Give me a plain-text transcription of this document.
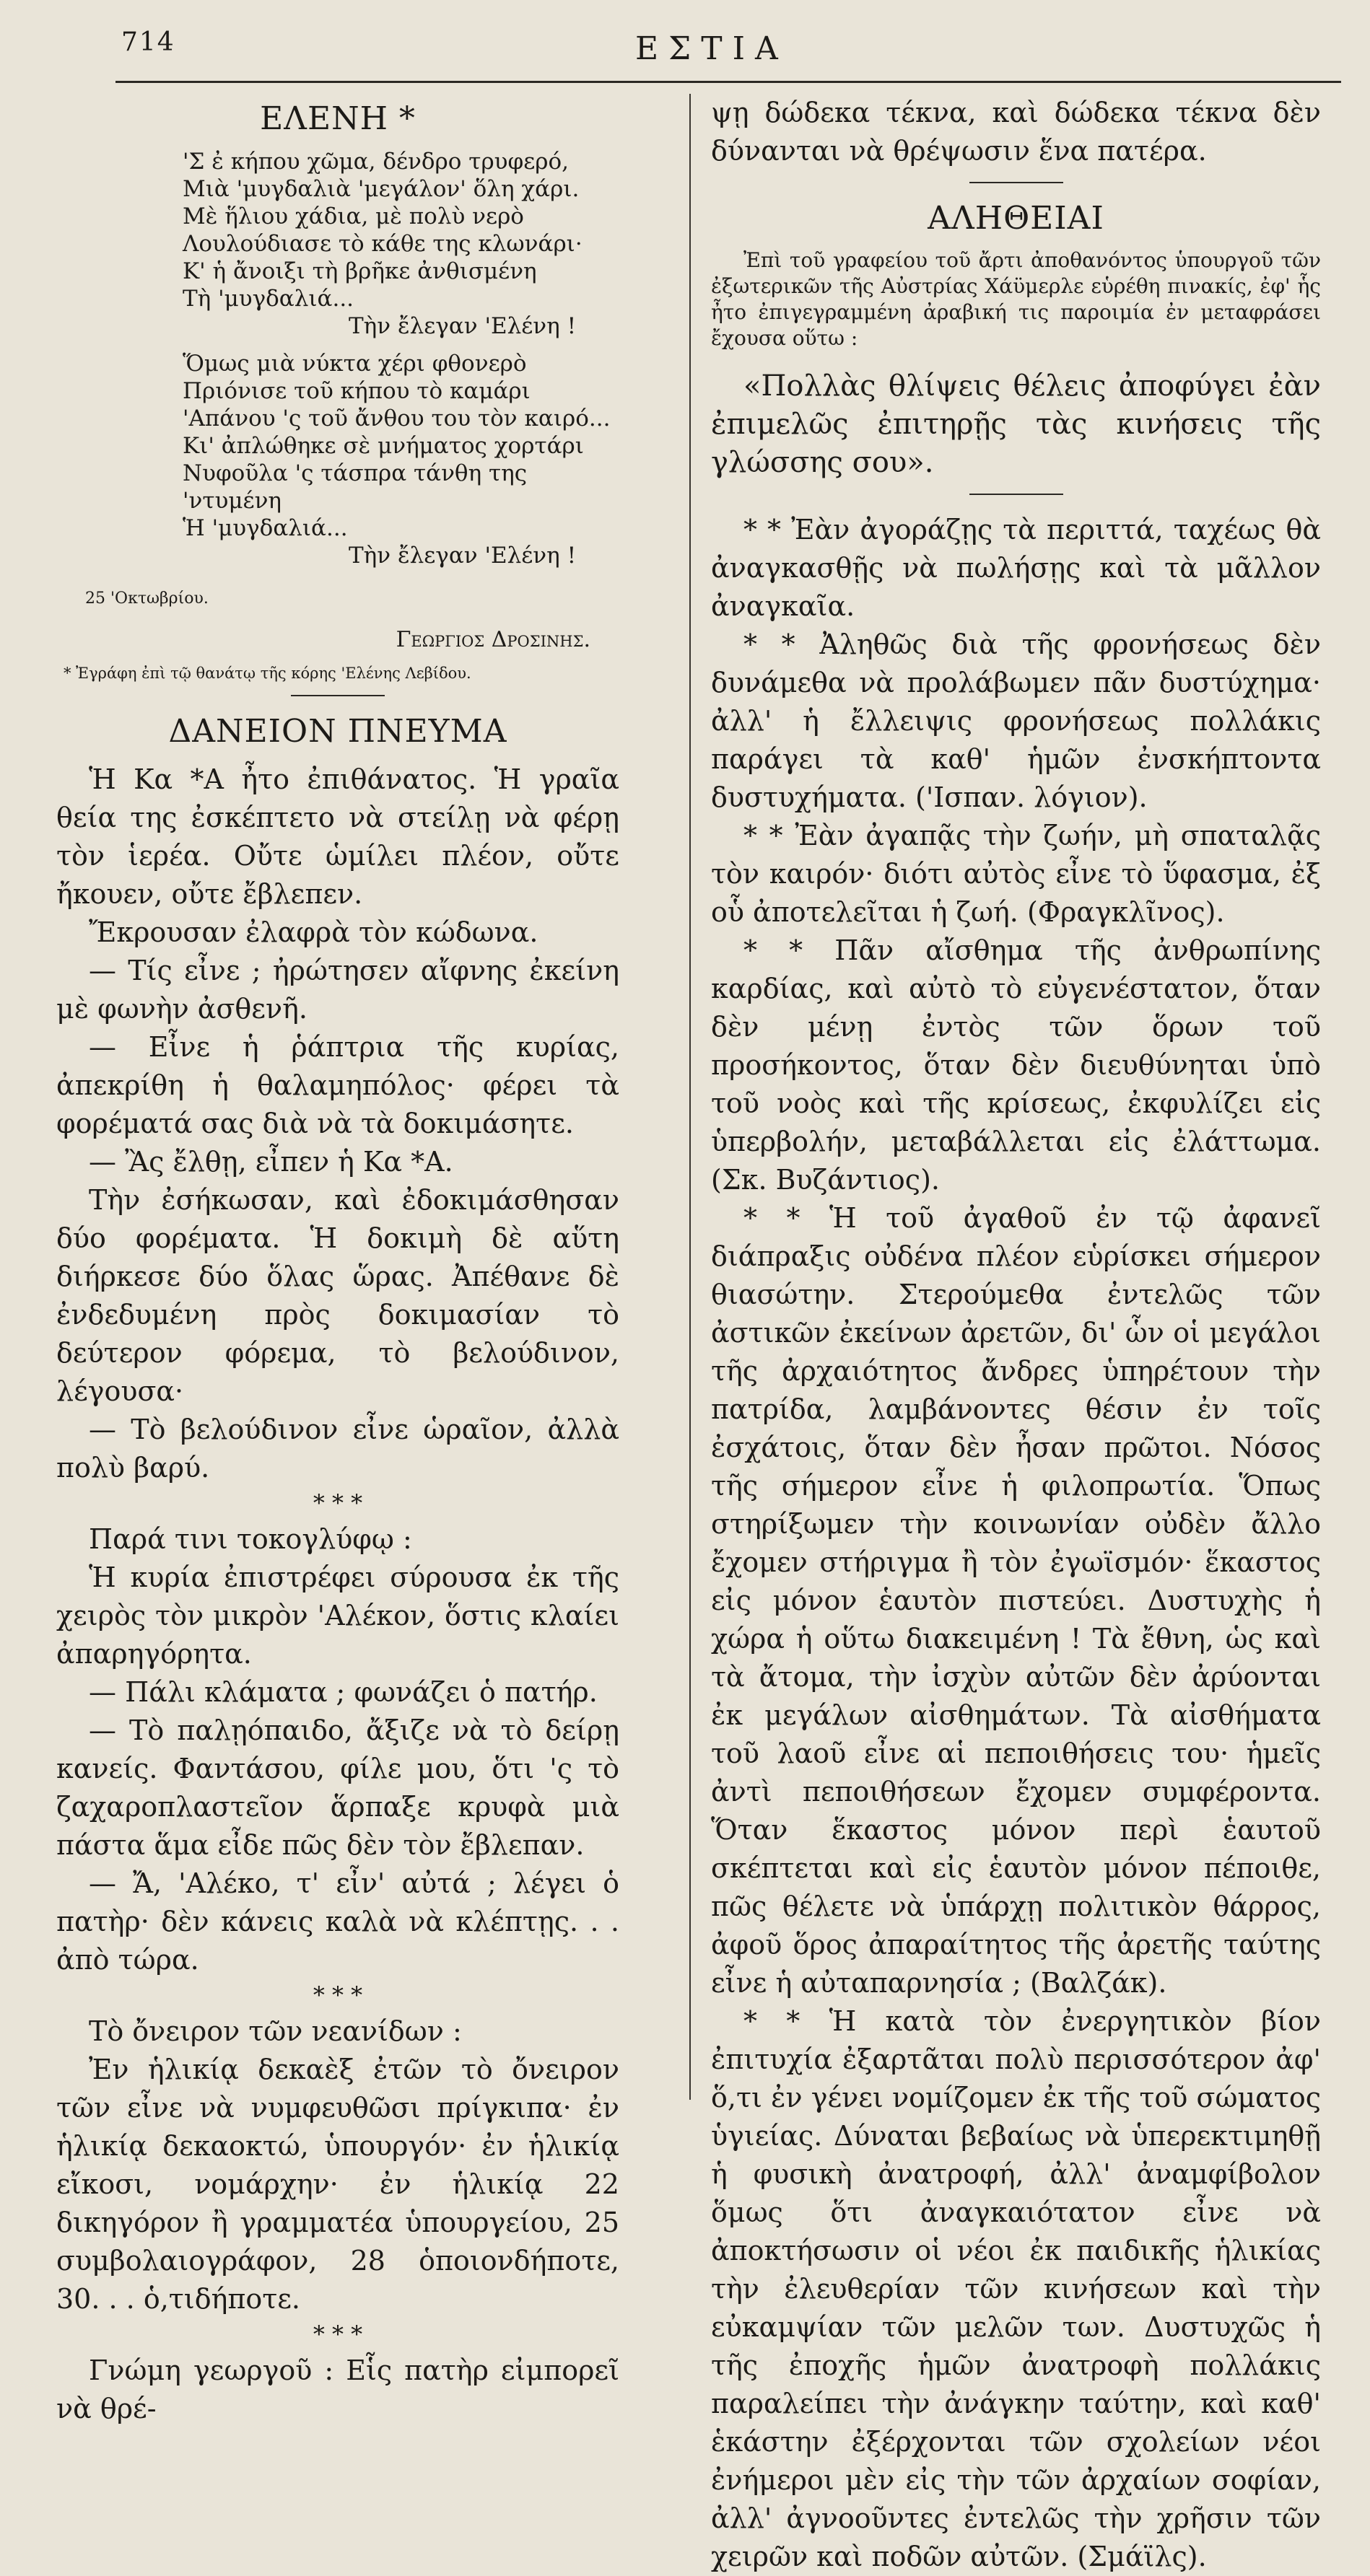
714	ΕΣΤΙΑ
ΕΛΕΝΗ *
'Σ ἐ κήπου χῶμα, δένδρο τρυφερό,
Μιὰ 'μυγδαλιὰ 'μεγάλον' ὅλη χάρι.
Μὲ ἥλιου χάδια, μὲ πολὺ νερὸ
Λουλούδιασε τὸ κάθε της κλωνάρι·
Κ' ἡ ἄνοιξι τὴ βρῆκε ἀνθισμένη
Τὴ 'μυγδαλιά...
Τὴν ἔλεγαν 'Ελένη !
Ὅμως μιὰ νύκτα χέρι φθονερὸ
Πριόνισε τοῦ κήπου τὸ καμάρι
'Απάνου 'ς τοῦ ἄνθου του τὸν καιρό...
Κι' ἀπλώθηκε σὲ μνήματος χορτάρι
Νυφοῦλα 'ς τάσπρα τάνθη της 'ντυμένη
Ἡ 'μυγδαλιά...
Τὴν ἔλεγαν 'Ελένη !
25 'Οκτωβρίου.
Γεωργιος Δροσινης.
* Ἐγράφη ἐπὶ τῷ θανάτῳ τῆς κόρης 'Ελένης Λεβίδου.
ΔΑΝΕΙΟΝ ΠΝΕΥΜΑ

Ἡ Κα *Α ἦτο ἐπιθάνατος. Ἡ γραῖα θεία της ἐσκέπτετο νὰ στείλῃ νὰ φέρῃ τὸν ἱερέα. Οὔτε ὡμίλει πλέον, οὔτε ἤκουεν, οὔτε ἔβλεπεν.

Ἔκρουσαν ἐλαφρὰ τὸν κώδωνα.

— Τίς εἶνε ; ἠρώτησεν αἴφνης ἐκείνη μὲ φωνὴν ἀσθενῆ.

— Εἶνε ἡ ῥάπτρια τῆς κυρίας, ἀπεκρίθη ἡ θαλαμηπόλος· φέρει τὰ φορέματά σας διὰ νὰ τὰ δοκιμάσητε.

— Ἂς ἔλθῃ, εἶπεν ἡ Κα *Α.

Τὴν ἐσήκωσαν, καὶ ἐδοκιμάσθησαν δύο φορέματα. Ἡ δοκιμὴ δὲ αὕτη διήρκεσε δύο ὅλας ὥρας. Ἀπέθανε δὲ ἐνδεδυμένη πρὸς δοκιμασίαν τὸ δεύτερον φόρεμα, τὸ βελούδινον, λέγουσα·

— Τὸ βελούδινον εἶνε ὡραῖον, ἀλλὰ πολὺ βαρύ.

* * *

Παρά τινι τοκογλύφῳ :

Ἡ κυρία ἐπιστρέφει σύρουσα ἐκ τῆς χειρὸς τὸν μικρὸν 'Αλέκον, ὅστις κλαίει ἀπαρηγόρητα.

— Πάλι κλάματα ; φωνάζει ὁ πατήρ.

— Τὸ παλῃόπαιδο, ἄξιζε νὰ τὸ δείρῃ κανείς. Φαντάσου, φίλε μου, ὅτι 'ς τὸ ζαχαροπλαστεῖον ἅρπαξε κρυφὰ μιὰ πάστα ἅμα εἶδε πῶς δὲν τὸν ἔβλεπαν.

— Ἄ, 'Αλέκο, τ' εἶν' αὐτά ; λέγει ὁ πατὴρ· δὲν κάνεις καλὰ νὰ κλέπτῃς. . . ἀπὸ τώρα.

* * *

Τὸ ὄνειρον τῶν νεανίδων :

Ἐν ἡλικίᾳ δεκαὲξ ἐτῶν τὸ ὄνειρον τῶν εἶνε νὰ νυμφευθῶσι πρίγκιπα· ἐν ἡλικίᾳ δεκαοκτώ, ὑπουργόν· ἐν ἡλικίᾳ εἴκοσι, νομάρχην· ἐν ἡλικίᾳ 22 δικηγόρον ἢ γραμματέα ὑπουργείου, 25 συμβολαιογράφον, 28 ὁποιονδήποτε, 30. . . ὁ,τιδήποτε.

* * *

Γνώμη γεωργοῦ : Εἷς πατὴρ εἰμπορεῖ νὰ θρέ-

ψῃ δώδεκα τέκνα, καὶ δώδεκα τέκνα δὲν δύνανται νὰ θρέψωσιν ἕνα πατέρα.

ΑΛΗΘΕΙΑΙ

Ἐπὶ τοῦ γραφείου τοῦ ἄρτι ἀποθανόντος ὑπουργοῦ τῶν ἐξωτερικῶν τῆς Αὐστρίας Χάϋμερλε εὑρέθη πινακίς, ἐφ' ἧς ἦτο ἐπιγεγραμμένη ἀραβική τις παροιμία ἐν μεταφράσει ἔχουσα οὕτω :

«Πολλὰς θλίψεις θέλεις ἀποφύγει ἐὰν ἐπιμελῶς ἐπιτηρῇς τὰς κινήσεις τῆς γλώσσης σου».

* * Ἐὰν ἀγοράζῃς τὰ περιττά, ταχέως θὰ ἀναγκασθῇς νὰ πωλήσῃς καὶ τὰ μᾶλλον ἀναγκαῖα.

* * Ἀληθῶς διὰ τῆς φρονήσεως δὲν δυνάμεθα νὰ προλάβωμεν πᾶν δυστύχημα· ἀλλ' ἡ ἔλλειψις φρονήσεως πολλάκις παράγει τὰ καθ' ἡμῶν ἐνσκήπτοντα δυστυχήματα. ('Ισπαν. λόγιον).

* * Ἐὰν ἀγαπᾷς τὴν ζωήν, μὴ σπαταλᾷς τὸν καιρόν· διότι αὐτὸς εἶνε τὸ ὕφασμα, ἐξ οὗ ἀποτελεῖται ἡ ζωή. (Φραγκλῖνος).

* * Πᾶν αἴσθημα τῆς ἀνθρωπίνης καρδίας, καὶ αὐτὸ τὸ εὐγενέστατον, ὅταν δὲν μένῃ ἐντὸς τῶν ὅρων τοῦ προσήκοντος, ὅταν δὲν διευθύνηται ὑπὸ τοῦ νοὸς καὶ τῆς κρίσεως, ἐκφυλίζει εἰς ὑπερβολήν, μεταβάλλεται εἰς ἐλάττωμα. (Σκ. Βυζάντιος).

* * Ἡ τοῦ ἀγαθοῦ ἐν τῷ ἀφανεῖ διάπραξις οὐδένα πλέον εὑρίσκει σήμερον θιασώτην. Στερούμεθα ἐντελῶς τῶν ἀστικῶν ἐκείνων ἀρετῶν, δι' ὧν οἱ μεγάλοι τῆς ἀρχαιότητος ἄνδρες ὑπηρέτουν τὴν πατρίδα, λαμβάνοντες θέσιν ἐν τοῖς ἐσχάτοις, ὅταν δὲν ἦσαν πρῶτοι. Νόσος τῆς σήμερον εἶνε ἡ φιλοπρωτία. Ὅπως στηρίξωμεν τὴν κοινωνίαν οὐδὲν ἄλλο ἔχομεν στήριγμα ἢ τὸν ἐγωϊσμόν· ἕκαστος εἰς μόνον ἑαυτὸν πιστεύει. Δυστυχὴς ἡ χώρα ἡ οὕτω διακειμένη ! Τὰ ἔθνη, ὡς καὶ τὰ ἄτομα, τὴν ἰσχὺν αὐτῶν δὲν ἀρύονται ἐκ μεγάλων αἰσθημάτων. Τὰ αἰσθήματα τοῦ λαοῦ εἶνε αἱ πεποιθήσεις του· ἡμεῖς ἀντὶ πεποιθήσεων ἔχομεν συμφέροντα. Ὅταν ἕκαστος μόνον περὶ ἑαυτοῦ σκέπτεται καὶ εἰς ἑαυτὸν μόνον πέποιθε, πῶς θέλετε νὰ ὑπάρχῃ πολιτικὸν θάρρος, ἀφοῦ ὅρος ἀπαραίτητος τῆς ἀρετῆς ταύτης εἶνε ἡ αὐταπαρνησία ; (Βαλζάκ).

* * Ἡ κατὰ τὸν ἐνεργητικὸν βίον ἐπιτυχία ἐξαρτᾶται πολὺ περισσότερον ἀφ' ὅ,τι ἐν γένει νομίζομεν ἐκ τῆς τοῦ σώματος ὑγιείας. Δύναται βεβαίως νὰ ὑπερεκτιμηθῇ ἡ φυσικὴ ἀνατροφή, ἀλλ' ἀναμφίβολον ὅμως ὅτι ἀναγκαιότατον εἶνε νὰ ἀποκτήσωσιν οἱ νέοι ἐκ παιδικῆς ἡλικίας τὴν ἐλευθερίαν τῶν κινήσεων καὶ τὴν εὐκαμψίαν τῶν μελῶν των. Δυστυχῶς ἡ τῆς ἐποχῆς ἡμῶν ἀνατροφὴ πολλάκις παραλείπει τὴν ἀνάγκην ταύτην, καὶ καθ' ἑκάστην ἐξέρχονται τῶν σχολείων νέοι ἐνήμεροι μὲν εἰς τὴν τῶν ἀρχαίων σοφίαν, ἀλλ' ἀγνοοῦντες ἐντελῶς τὴν χρῆσιν τῶν χειρῶν καὶ ποδῶν αὐτῶν. (Σμάϊλς).
